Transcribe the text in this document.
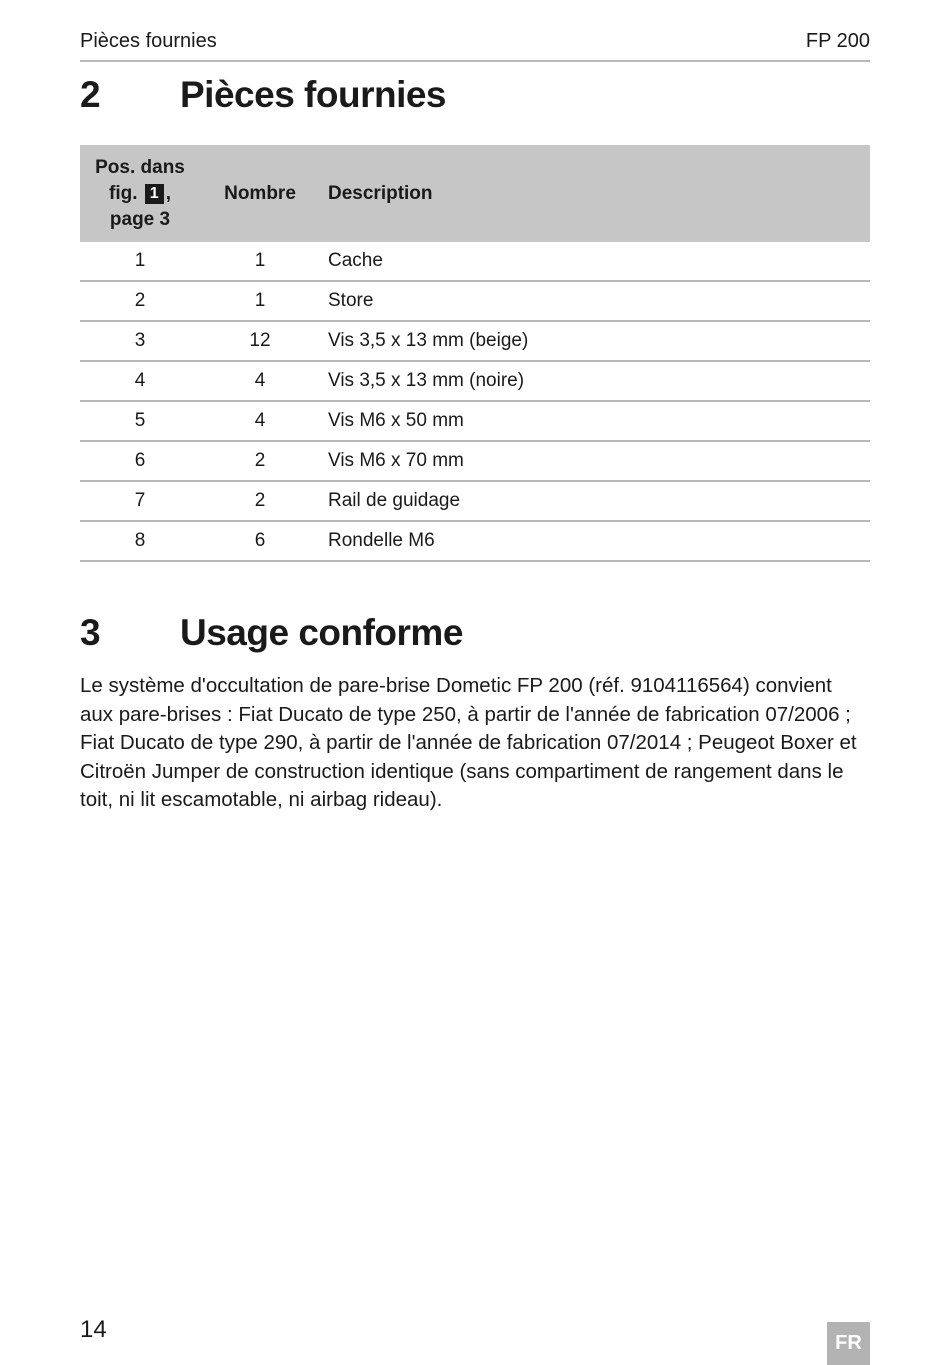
Pièces fournies	FP 200
2 Pièces fournies
Pos. dans
fig. 1 ,
page 3	Nombre	Description
1	1	Cache
2	1	Store
3	12	Vis 3,5 x 13 mm (beige)
4	4	Vis 3,5 x 13 mm (noire)
5	4	Vis M6 x 50 mm
6	2	Vis M6 x 70 mm
7	2	Rail de guidage
8	6	Rondelle M6
3 Usage conforme

Le système d'occultation de pare-brise Dometic FP 200 (réf. 9104116564) convient aux pare-brises : Fiat Ducato de type 250, à partir de l'année de fabrication 07/2006 ; Fiat Ducato de type 290, à partir de l'année de fabrication 07/2014 ; Peugeot Boxer et Citroën Jumper de construction identique (sans compartiment de rangement dans le toit, ni lit escamotable, ni airbag rideau).

14	FR
